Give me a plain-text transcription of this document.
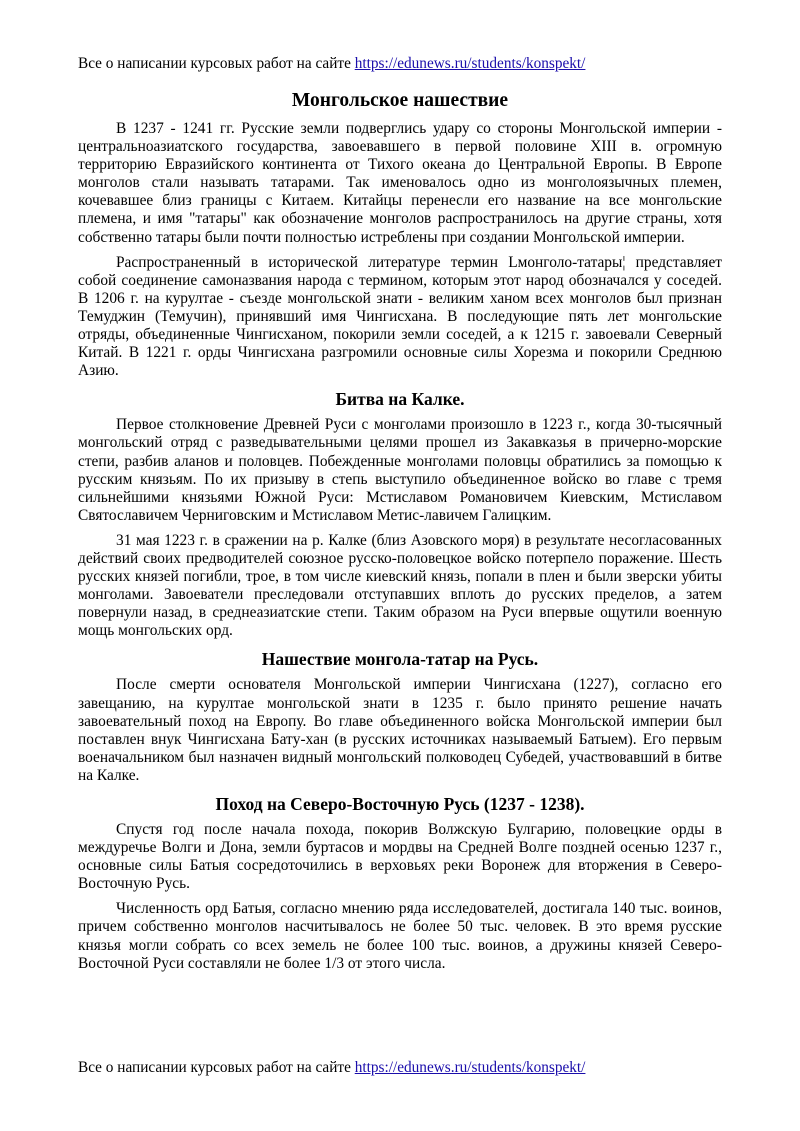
Все о написании курсовых работ на сайте https://edunews.ru/students/konspekt/
Монгольское нашествие

В 1237 - 1241 гг. Русские земли подверглись удару со стороны Монгольской империи - центральноазиатского государства, завоевавшего в первой половине XIII в. огромную территорию Евразийского континента от Тихого океана до Центральной Европы. В Европе монголов стали называть татарами. Так именовалось одно из монголоязычных племен, кочевавшее близ границы с Китаем. Китайцы перенесли его название на все монгольские племена, и имя "татары" как обозначение монголов распространилось на другие страны, хотя собственно татары были почти полностью истреблены при создании Монгольской империи.

Распространенный в исторической литературе термин Lмонголо-татары¦ представляет собой соединение самоназвания народа с термином, которым этот народ обозначался у соседей. В 1206 г. на курултае - съезде монгольской знати - великим ханом всех монголов был признан Темуджин (Темучин), принявший имя Чингисхана. В последующие пять лет монгольские отряды, объединенные Чингисханом, покорили земли соседей, а к 1215 г. завоевали Северный Китай. В 1221 г. орды Чингисхана разгромили основные силы Хорезма и покорили Среднюю Азию.

Битва на Калке.

Первое столкновение Древней Руси с монголами произошло в 1223 г., когда 30-тысячный монгольский отряд с разведывательными целями прошел из Закавказья в причерно-морские степи, разбив аланов и половцев. Побежденные монголами половцы обратились за помощью к русским князьям. По их призыву в степь выступило объединенное войско во главе с тремя сильнейшими князьями Южной Руси: Мстиславом Романовичем Киевским, Мстиславом Святославичем Черниговским и Мстиславом Метис-лавичем Галицким.

31 мая 1223 г. в сражении на р. Калке (близ Азовского моря) в результате несогласованных действий своих предводителей союзное русско-половецкое войско потерпело поражение. Шесть русских князей погибли, трое, в том числе киевский князь, попали в плен и были зверски убиты монголами. Завоеватели преследовали отступавших вплоть до русских пределов, а затем повернули назад, в среднеазиатские степи. Таким образом на Руси впервые ощутили военную мощь монгольских орд.

Нашествие монгола-татар на Русь.

После смерти основателя Монгольской империи Чингисхана (1227), согласно его завещанию, на курултае монгольской знати в 1235 г. было принято решение начать завоевательный поход на Европу. Во главе объединенного войска Монгольской империи был поставлен внук Чингисхана Батy-хан (в русских источниках называемый Батыем). Его первым военачальником был назначен видный монгольский полководец Субедей, участвовавший в битве на Калке.

Поход на Северо-Восточную Русь (1237 - 1238).

Спустя год после начала похода, покорив Волжскую Булгарию, половецкие орды в междуречье Волги и Дона, земли буртасов и мордвы на Средней Волге поздней осенью 1237 г., основные силы Батыя сосредоточились в верховьях реки Воронеж для вторжения в Северо-Восточную Русь.

Численность орд Батыя, согласно мнению ряда исследователей, достигала 140 тыс. воинов, причем собственно монголов насчитывалось не более 50 тыс. человек. В это время русские князья могли собрать со всех земель не более 100 тыс. воинов, а дружины князей Северо-Восточной Руси составляли не более 1/3 от этого числа.

Все о написании курсовых работ на сайте https://edunews.ru/students/konspekt/
